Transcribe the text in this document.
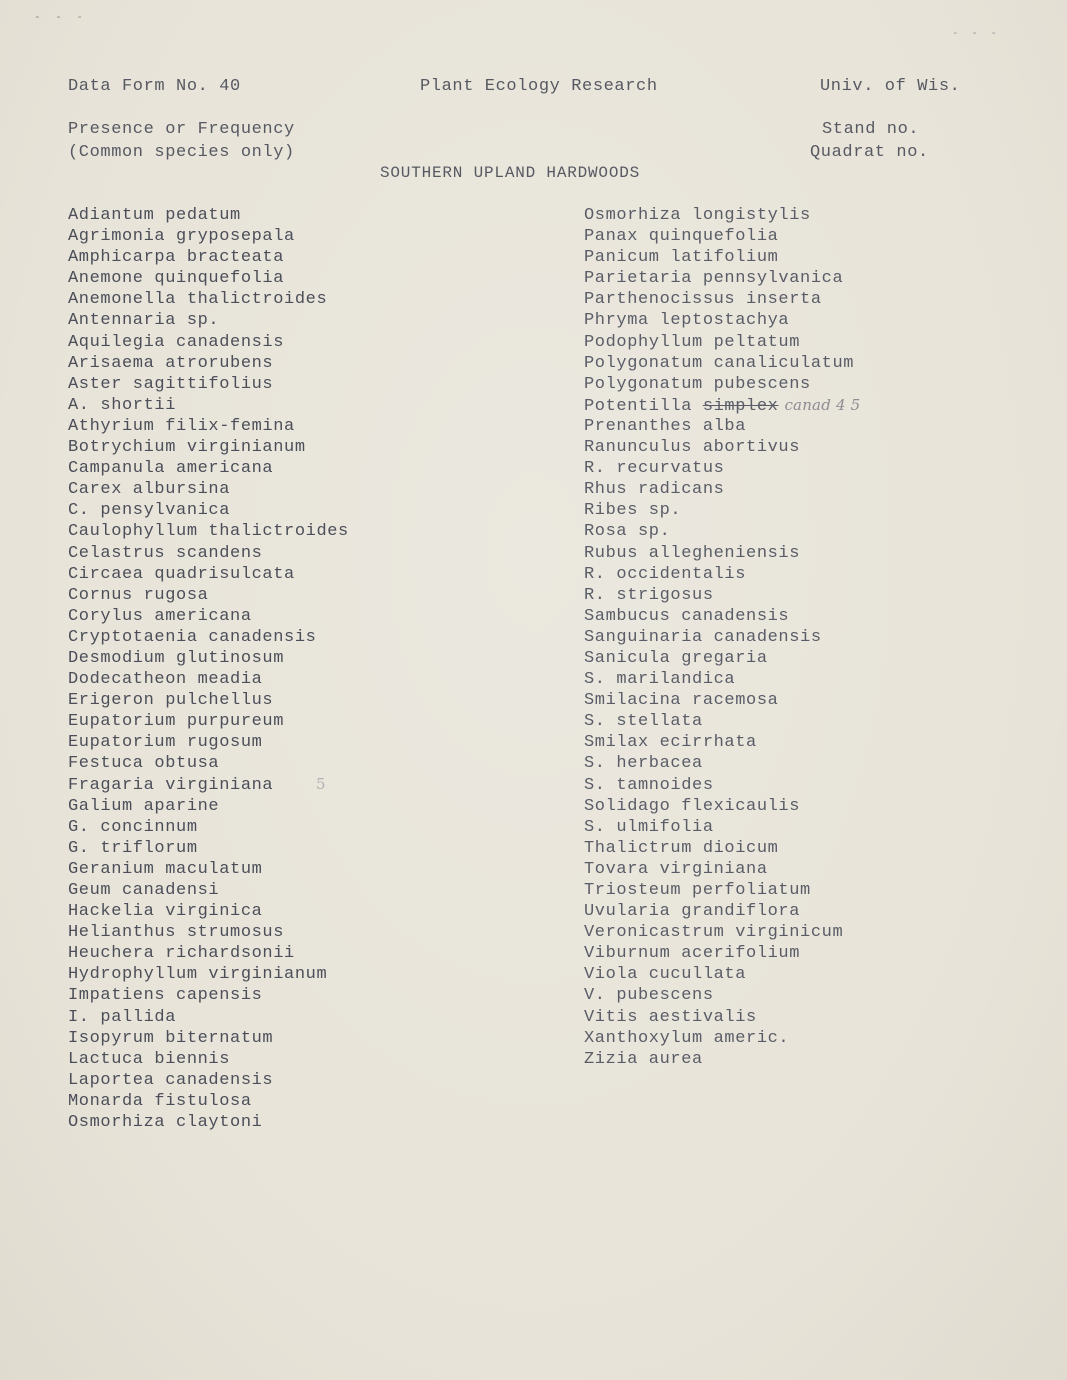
- - -
- - -
Data Form No. 40	Plant Ecology Research	Univ. of Wis.
Presence or Frequency
(Common species only)
Stand no.
Quadrat no.
SOUTHERN UPLAND HARDWOODS
Adiantum pedatum
Agrimonia gryposepala
Amphicarpa bracteata
Anemone quinquefolia
Anemonella thalictroides
Antennaria sp.
Aquilegia canadensis
Arisaema atrorubens
Aster sagittifolius
A. shortii
Athyrium filix-femina
Botrychium virginianum
Campanula americana
Carex albursina
C. pensylvanica
Caulophyllum thalictroides
Celastrus scandens
Circaea quadrisulcata
Cornus rugosa
Corylus americana
Cryptotaenia canadensis
Desmodium glutinosum
Dodecatheon meadia
Erigeron pulchellus
Eupatorium purpureum
Eupatorium rugosum
Festuca obtusa
Fragaria virginiana
Galium aparine
G. concinnum
G. triflorum
Geranium maculatum
Geum canadensi
Hackelia virginica
Helianthus strumosus
Heuchera richardsonii
Hydrophyllum virginianum
Impatiens capensis
I. pallida
Isopyrum biternatum
Lactuca biennis
Laportea canadensis
Monarda fistulosa
Osmorhiza claytoni
Osmorhiza longistylis
Panax quinquefolia
Panicum latifolium
Parietaria pennsylvanica
Parthenocissus inserta
Phryma leptostachya
Podophyllum peltatum
Polygonatum canaliculatum
Polygonatum pubescens
Potentilla simplex canad 4 5
Prenanthes alba
Ranunculus abortivus
R. recurvatus
Rhus radicans
Ribes sp.
Rosa sp.
Rubus allegheniensis
R. occidentalis
R. strigosus
Sambucus canadensis
Sanguinaria canadensis
Sanicula gregaria
S. marilandica
Smilacina racemosa
S. stellata
Smilax ecirrhata
S. herbacea
S. tamnoides
Solidago flexicaulis
S. ulmifolia
Thalictrum dioicum
Tovara virginiana
Triosteum perfoliatum
Uvularia grandiflora
Veronicastrum virginicum
Viburnum acerifolium
Viola cucullata
V. pubescens
Vitis aestivalis
Xanthoxylum americ.
Zizia aurea
5
